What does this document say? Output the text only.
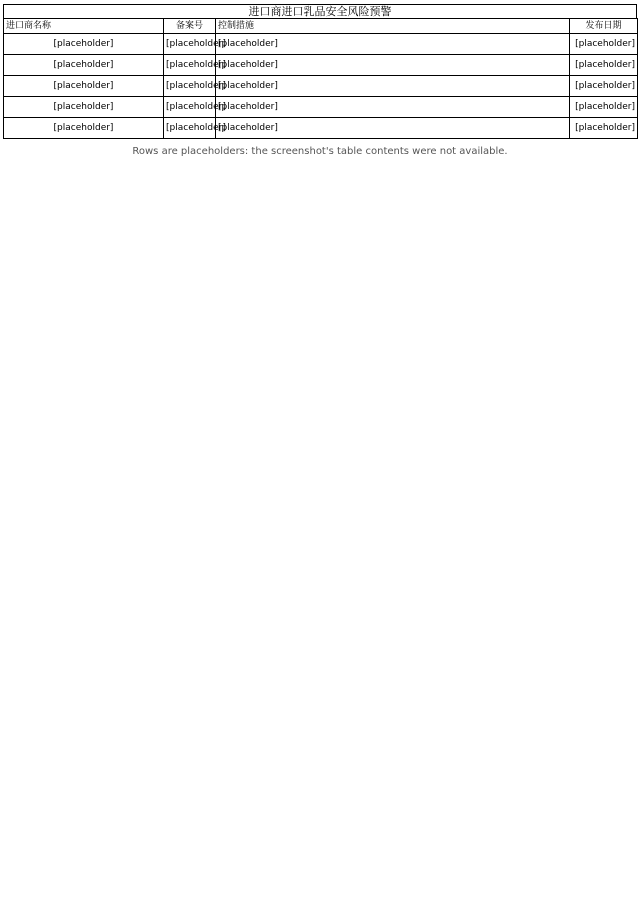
进口商进口乳品安全风险预警
进口商名称	备案号	控制措施	发布日期
[placeholder]	[placeholder]	[placeholder]	[placeholder]
[placeholder]	[placeholder]	[placeholder]	[placeholder]
[placeholder]	[placeholder]	[placeholder]	[placeholder]
[placeholder]	[placeholder]	[placeholder]	[placeholder]
[placeholder]	[placeholder]	[placeholder]	[placeholder]
Rows are placeholders: the screenshot's table contents were not available.
